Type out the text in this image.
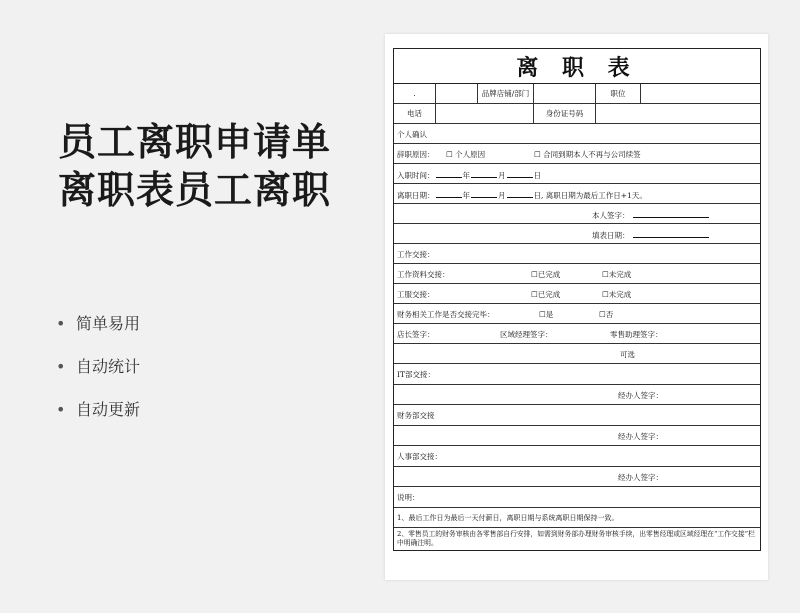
员工离职申请单
离职表员工离职
• 简单易用
• 自动统计
• 自动更新
离 职 表
.	品牌店铺/部门	职位
电话	身份证号码
个人确认
辞职原因： ☐ 个人原因	☐ 合同到期本人不再与公司续签
入职时间：	年	月	日
离职日期：	年	月	日, 离职日期为最后工作日+1天。
本人签字：
填表日期：
工作交接：
工作资料交接：	☐已完成	☐未完成
工服交接：	☐已完成	☐未完成
财务相关工作是否交接完毕：	☐是	☐否
店长签字：	区域经理签字：	零售助理签字：
可选
IT部交接：
经办人签字：
财务部交接
经办人签字：
人事部交接：
经办人签字：
说明：
1、最后工作日为最后一天付薪日，离职日期与系统离职日期保持一致。
2、零售员工的财务审核由各零售部自行安排，如需到财务部办理财务审核手续，出零售经理或区域经理在“工作交接”栏中明确注明。
